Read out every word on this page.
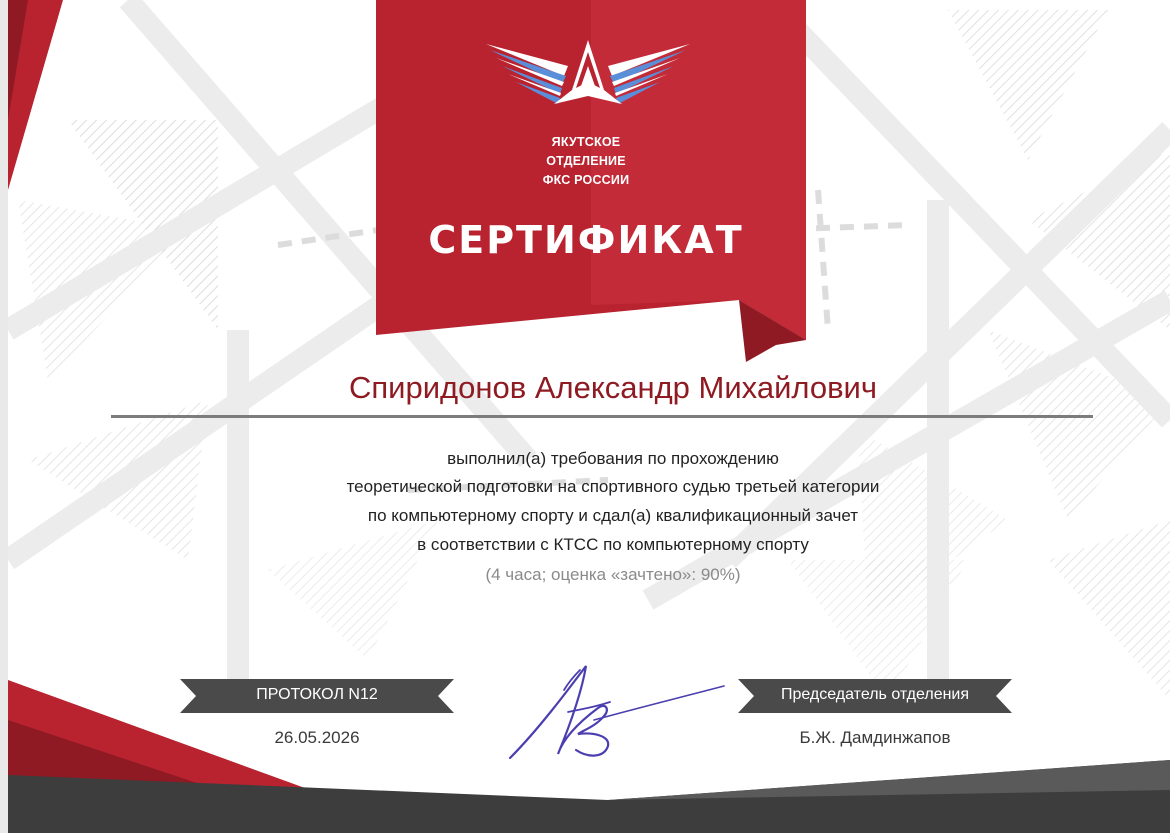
ЯКУТСКОЕ
ОТДЕЛЕНИЕ
ФКС РОССИИ
СЕРТИФИКАТ
Спиридонов Александр Михайлович
выполнил(а) требования по прохождению
теоретической подготовки на спортивного судью третьей категории
по компьютерному спорту и сдал(а) квалификационный зачет
в соответствии с КТСС по компьютерному спорту
(4 часа; оценка «зачтено»: 90%)
ПРОТОКОЛ N12
26.05.2026
Председатель отделения
Б.Ж. Дамдинжапов
